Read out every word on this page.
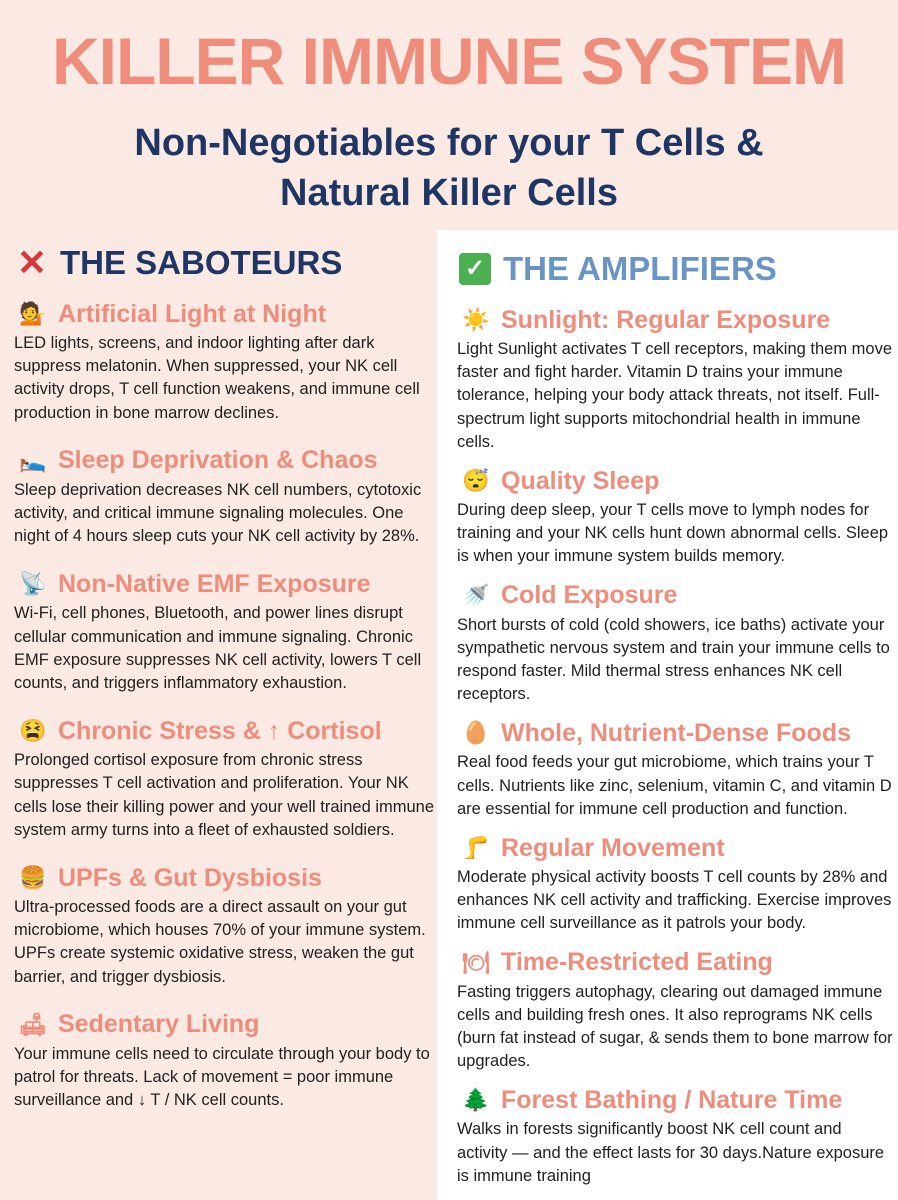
KILLER IMMUNE SYSTEM
Non-Negotiables for your T Cells &
Natural Killer Cells
✕ THE SABOTEURS
💁 Artificial Light at Night
LED lights, screens, and indoor lighting after dark suppress melatonin. When suppressed, your NK cell activity drops, T cell function weakens, and immune cell production in bone marrow declines.
🛌 Sleep Deprivation & Chaos
Sleep deprivation decreases NK cell numbers, cytotoxic activity, and critical immune signaling molecules. One night of 4 hours sleep cuts your NK cell activity by 28%.
📡 Non-Native EMF Exposure
Wi-Fi, cell phones, Bluetooth, and power lines disrupt cellular communication and immune signaling. Chronic EMF exposure suppresses NK cell activity, lowers T cell counts, and triggers inflammatory exhaustion.
😫 Chronic Stress & ↑ Cortisol
Prolonged cortisol exposure from chronic stress suppresses T cell activation and proliferation. Your NK cells lose their killing power and your well trained immune system army turns into a fleet of exhausted soldiers.
🍔 UPFs & Gut Dysbiosis
Ultra-processed foods are a direct assault on your gut microbiome, which houses 70% of your immune system. UPFs create systemic oxidative stress, weaken the gut barrier, and trigger dysbiosis.
🛋 Sedentary Living
Your immune cells need to circulate through your body to patrol for threats. Lack of movement = poor immune surveillance and ↓ T / NK cell counts.
✓ THE AMPLIFIERS
☀️ Sunlight: Regular Exposure
Light Sunlight activates T cell receptors, making them move faster and fight harder. Vitamin D trains your immune tolerance, helping your body attack threats, not itself. Full-spectrum light supports mitochondrial health in immune cells.
😴 Quality Sleep
During deep sleep, your T cells move to lymph nodes for training and your NK cells hunt down abnormal cells. Sleep is when your immune system builds memory.
🚿 Cold Exposure
Short bursts of cold (cold showers, ice baths) activate your sympathetic nervous system and train your immune cells to respond faster. Mild thermal stress enhances NK cell receptors.
🥚 Whole, Nutrient-Dense Foods
Real food feeds your gut microbiome, which trains your T cells. Nutrients like zinc, selenium, vitamin C, and vitamin D are essential for immune cell production and function.
🦵 Regular Movement
Moderate physical activity boosts T cell counts by 28% and enhances NK cell activity and trafficking. Exercise improves immune cell surveillance as it patrols your body.
🍽 Time-Restricted Eating
Fasting triggers autophagy, clearing out damaged immune cells and building fresh ones. It also reprograms NK cells (burn fat instead of sugar, & sends them to bone marrow for upgrades.
🌲 Forest Bathing / Nature Time
Walks in forests significantly boost NK cell count and activity — and the effect lasts for 30 days.Nature exposure is immune training
